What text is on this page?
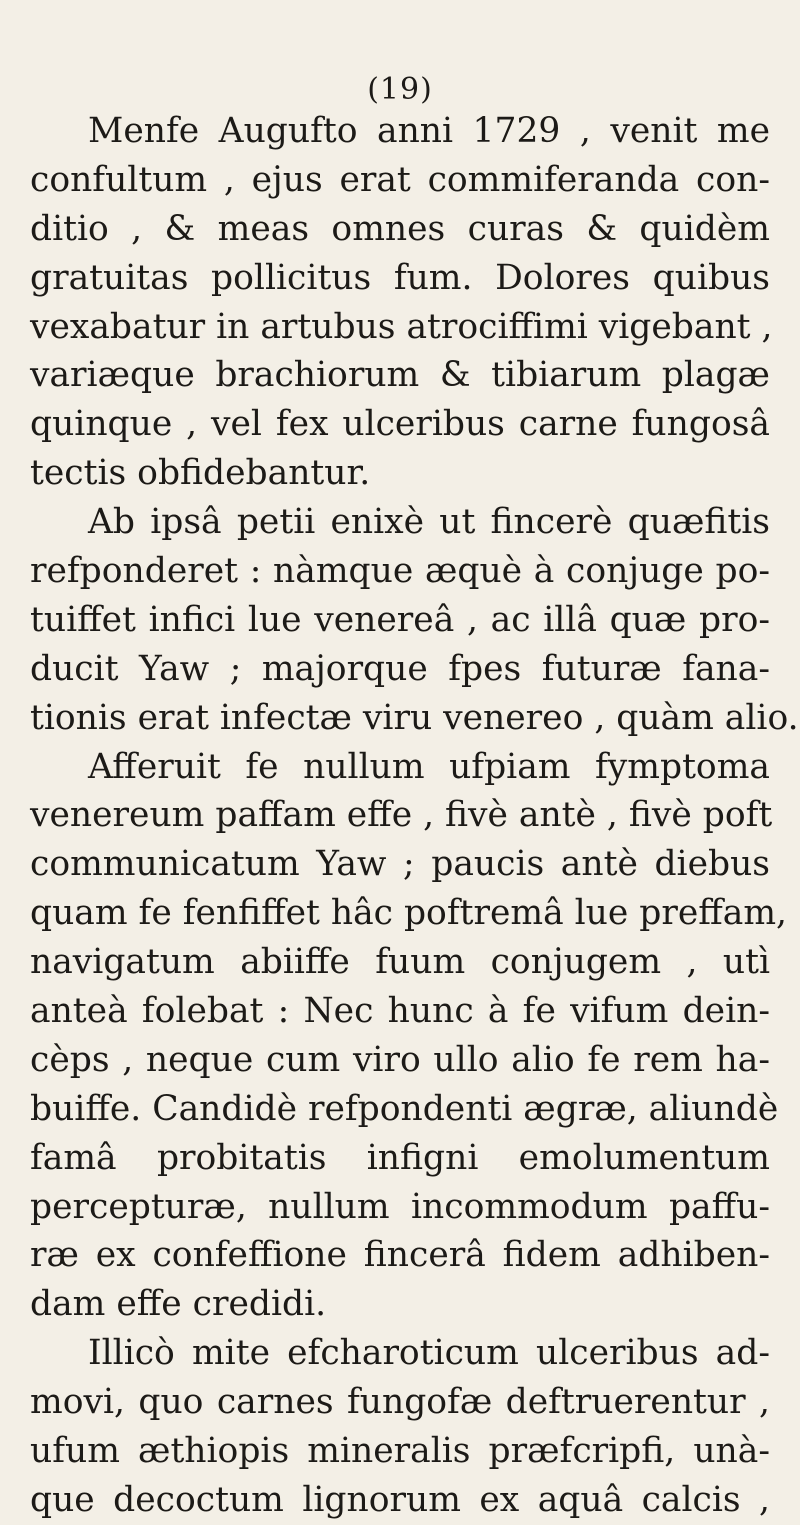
(19)
Menfe Augufto anni 1729 , venit me
confultum , ejus erat commiferanda con-
ditio , & meas omnes curas & quidèm
gratuitas pollicitus fum. Dolores quibus
vexabatur in artubus atrociffimi vigebant ,
variæque brachiorum & tibiarum plagæ
quinque , vel fex ulceribus carne fungosâ
tectis obfidebantur.
Ab ipsâ petii enixè ut fincerè quæfitis
refponderet : nàmque æquè à conjuge po-
tuiffet infici lue venereâ , ac illâ quæ pro-
ducit Yaw ; majorque fpes futuræ fana-
tionis erat infectæ viru venereo , quàm alio.
Afferuit fe nullum ufpiam fymptoma
venereum paffam effe , fivè antè , fivè poft
communicatum Yaw ; paucis antè diebus
quam fe fenfiffet hâc poftremâ lue preffam,
navigatum abiiffe fuum conjugem , utì
anteà folebat : Nec hunc à fe vifum dein-
cèps , neque cum viro ullo alio fe rem ha-
buiffe. Candidè refpondenti ægræ, aliundè
famâ probitatis infigni emolumentum
percepturæ, nullum incommodum paffu-
ræ ex confeffione fincerâ fidem adhiben-
dam effe credidi.
Illicò mite efcharoticum ulceribus ad-
movi, quo carnes fungofæ deftruerentur ,
ufum æthiopis mineralis præfcripfi, unà-
que decoctum lignorum ex aquâ calcis ,
